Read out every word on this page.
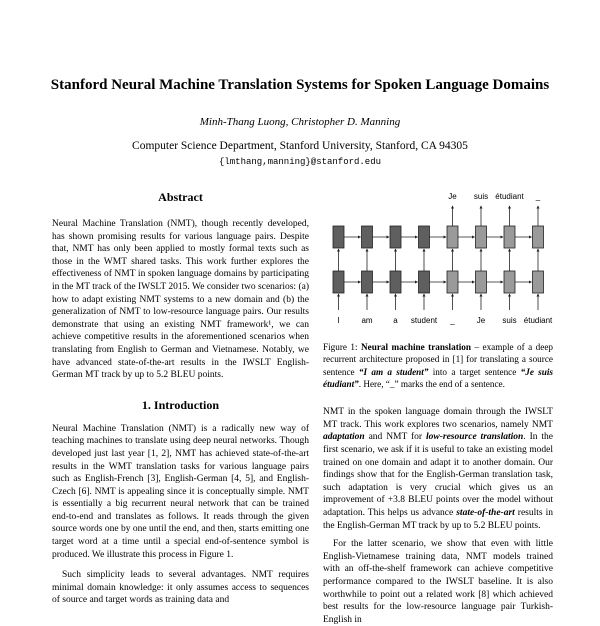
Stanford Neural Machine Translation Systems for Spoken Language Domains
Minh-Thang Luong, Christopher D. Manning
Computer Science Department, Stanford University, Stanford, CA 94305
{lmthang,manning}@stanford.edu

Abstract

Neural Machine Translation (NMT), though recently developed, has shown promising results for various language pairs. Despite that, NMT has only been applied to mostly formal texts such as those in the WMT shared tasks. This work further explores the effectiveness of NMT in spoken language domains by participating in the MT track of the IWSLT 2015. We consider two scenarios: (a) how to adapt existing NMT systems to a new domain and (b) the generalization of NMT to low-resource language pairs. Our results demonstrate that using an existing NMT framework¹, we can achieve competitive results in the aforementioned scenarios when translating from English to German and Vietnamese. Notably, we have advanced state-of-the-art results in the IWSLT English-German MT track by up to 5.2 BLEU points.

1. Introduction

Neural Machine Translation (NMT) is a radically new way of teaching machines to translate using deep neural networks. Though developed just last year [1, 2], NMT has achieved state-of-the-art results in the WMT translation tasks for various language pairs such as English-French [3], English-German [4, 5], and English-Czech [6]. NMT is appealing since it is conceptually simple. NMT is essentially a big recurrent neural network that can be trained end-to-end and translates as follows. It reads through the given source words one by one until the end, and then, starts emitting one target word at a time until a special end-of-sentence symbol is produced. We illustrate this process in Figure 1.

Such simplicity leads to several advantages. NMT requires minimal domain knowledge: it only assumes access to sequences of source and target words as training data and

Je suis étudiant _
I	am	a student _	Je suis étudiant

Figure 1: Neural machine translation – example of a deep recurrent architecture proposed in [1] for translating a source sentence “I am a student” into a target sentence “Je suis étudiant”. Here, “_” marks the end of a sentence.

NMT in the spoken language domain through the IWSLT MT track. This work explores two scenarios, namely NMT adaptation and NMT for low-resource translation. In the first scenario, we ask if it is useful to take an existing model trained on one domain and adapt it to another domain. Our findings show that for the English-German translation task, such adaptation is very crucial which gives us an improvement of +3.8 BLEU points over the model without adaptation. This helps us advance state-of-the-art results in the English-German MT track by up to 5.2 BLEU points.

For the latter scenario, we show that even with little English-Vietnamese training data, NMT models trained with an off-the-shelf framework can achieve competitive performance compared to the IWSLT baseline. It is also worthwhile to point out a related work [8] which achieved best results for the low-resource language pair Turkish-English in
